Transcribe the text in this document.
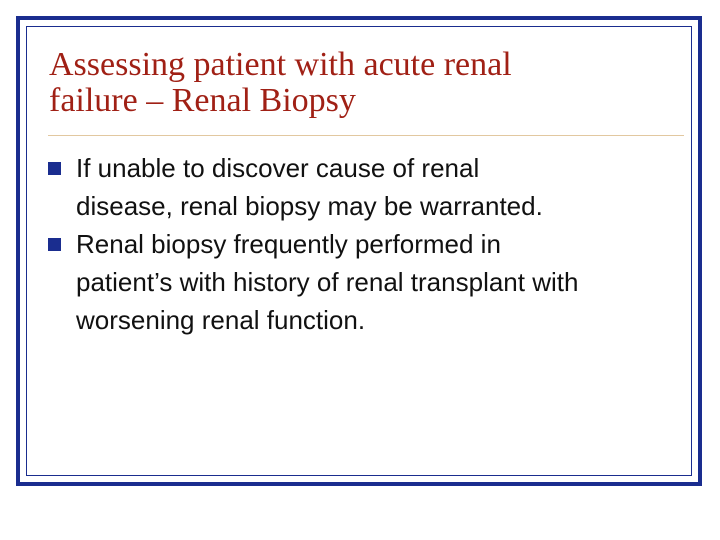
Assessing patient with acute renal
failure – Renal Biopsy
If unable to discover cause of renal
disease, renal biopsy may be warranted.
Renal biopsy frequently performed in
patient’s with history of renal transplant with
worsening renal function.
